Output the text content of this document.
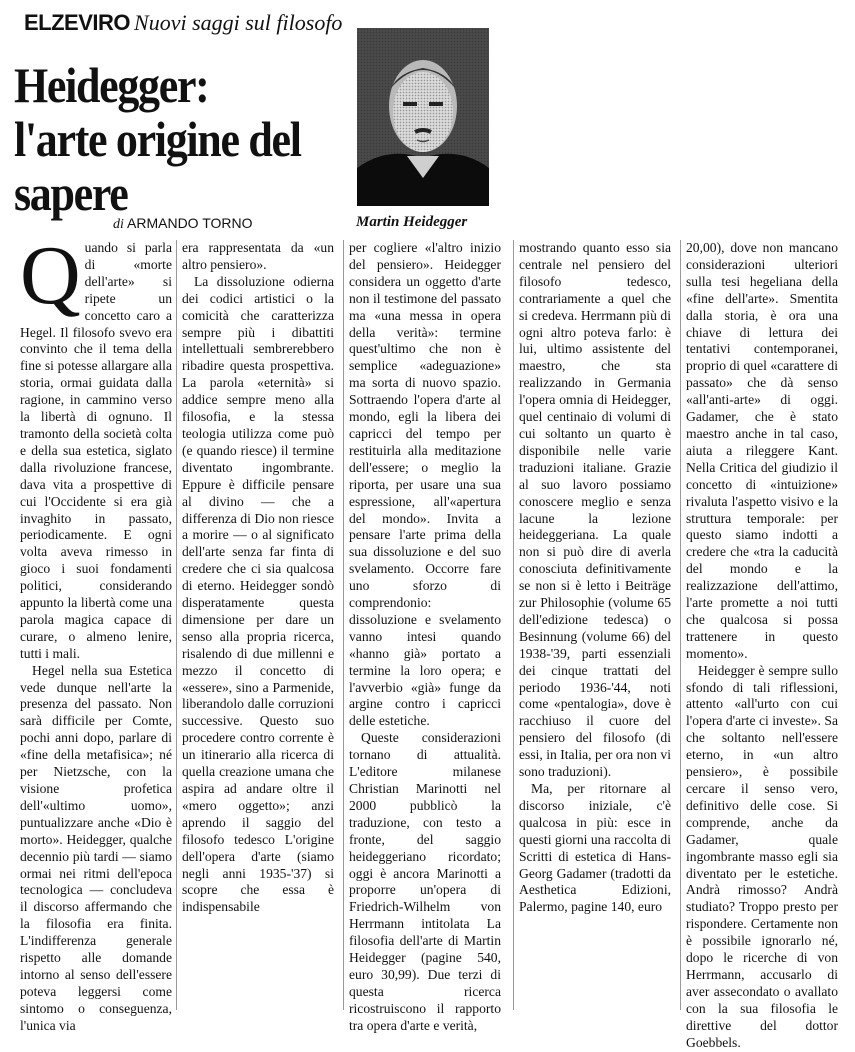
ELZEVIRO Nuovi saggi sul filosofo
Heidegger: l'arte origine del sapere
di ARMANDO TORNO	Martin Heidegger

Quando si parla di «morte dell'arte» si ripete un concetto caro a Hegel. Il filosofo svevo era convinto che il tema della fine si potesse allargare alla storia, ormai guidata dalla ragione, in cammino verso la libertà di ognuno. Il tramonto della società colta e della sua estetica, siglato dalla rivoluzione francese, dava vita a prospettive di cui l'Occidente si era già invaghito in passato, periodicamente. E ogni volta aveva rimesso in gioco i suoi fondamenti politici, considerando appunto la libertà come una parola magica capace di curare, o almeno lenire, tutti i mali.

Hegel nella sua Estetica vede dunque nell'arte la presenza del passato. Non sarà difficile per Comte, pochi anni dopo, parlare di «fine della metafisica»; né per Nietzsche, con la visione profetica dell'«ultimo uomo», puntualizzare anche «Dio è morto». Heidegger, qualche decennio più tardi — siamo ormai nei ritmi dell'epoca tecnologica — concludeva il discorso affermando che la filosofia era finita. L'indifferenza generale rispetto alle domande intorno al senso dell'essere poteva leggersi come sintomo o conseguenza, l'unica via

era rappresentata da «un altro pensiero».

La dissoluzione odierna dei codici artistici o la comicità che caratterizza sempre più i dibattiti intellettuali sembrerebbero ribadire questa prospettiva. La parola «eternità» si addice sempre meno alla filosofia, e la stessa teologia utilizza come può (e quando riesce) il termine diventato ingombrante. Eppure è difficile pensare al divino — che a differenza di Dio non riesce a morire — o al significato dell'arte senza far finta di credere che ci sia qualcosa di eterno. Heidegger sondò disperatamente questa dimensione per dare un senso alla propria ricerca, risalendo di due millenni e mezzo il concetto di «essere», sino a Parmenide, liberandolo dalle corruzioni successive. Questo suo procedere contro corrente è un itinerario alla ricerca di quella creazione umana che aspira ad andare oltre il «mero oggetto»; anzi aprendo il saggio del filosofo tedesco L'origine dell'opera d'arte (siamo negli anni 1935-'37) si scopre che essa è indispensabile

per cogliere «l'altro inizio del pensiero». Heidegger considera un oggetto d'arte non il testimone del passato ma «una messa in opera della verità»: termine quest'ultimo che non è semplice «adeguazione» ma sorta di nuovo spazio. Sottraendo l'opera d'arte al mondo, egli la libera dei capricci del tempo per restituirla alla meditazione dell'essere; o meglio la riporta, per usare una sua espressione, all'«apertura del mondo». Invita a pensare l'arte prima della sua dissoluzione e del suo svelamento. Occorre fare uno sforzo di comprendonio: dissoluzione e svelamento vanno intesi quando «hanno già» portato a termine la loro opera; e l'avverbio «già» funge da argine contro i capricci delle estetiche.

Queste considerazioni tornano di attualità. L'editore milanese Christian Marinotti nel 2000 pubblicò la traduzione, con testo a fronte, del saggio heideggeriano ricordato; oggi è ancora Marinotti a proporre un'opera di Friedrich-Wilhelm von Herrmann intitolata La filosofia dell'arte di Martin Heidegger (pagine 540, euro 30,99). Due terzi di questa ricerca ricostruiscono il rapporto tra opera d'arte e verità,

mostrando quanto esso sia centrale nel pensiero del filosofo tedesco, contrariamente a quel che si credeva. Herrmann più di ogni altro poteva farlo: è lui, ultimo assistente del maestro, che sta realizzando in Germania l'opera omnia di Heidegger, quel centinaio di volumi di cui soltanto un quarto è disponibile nelle varie traduzioni italiane. Grazie al suo lavoro possiamo conoscere meglio e senza lacune la lezione heideggeriana. La quale non si può dire di averla conosciuta definitivamente se non si è letto i Beiträge zur Philosophie (volume 65 dell'edizione tedesca) o Besinnung (volume 66) del 1938-'39, parti essenziali dei cinque trattati del periodo 1936-'44, noti come «pentalogia», dove è racchiuso il cuore del pensiero del filosofo (di essi, in Italia, per ora non vi sono traduzioni).

Ma, per ritornare al discorso iniziale, c'è qualcosa in più: esce in questi giorni una raccolta di Scritti di estetica di Hans-Georg Gadamer (tradotti da Aesthetica Edizioni, Palermo, pagine 140, euro

20,00), dove non mancano considerazioni ulteriori sulla tesi hegeliana della «fine dell'arte». Smentita dalla storia, è ora una chiave di lettura dei tentativi contemporanei, proprio di quel «carattere di passato» che dà senso «all'anti-arte» di oggi. Gadamer, che è stato maestro anche in tal caso, aiuta a rileggere Kant. Nella Critica del giudizio il concetto di «intuizione» rivaluta l'aspetto visivo e la struttura temporale: per questo siamo indotti a credere che «tra la caducità del mondo e la realizzazione dell'attimo, l'arte promette a noi tutti che qualcosa si possa trattenere in questo momento».

Heidegger è sempre sullo sfondo di tali riflessioni, attento «all'urto con cui l'opera d'arte ci investe». Sa che soltanto nell'essere eterno, in «un altro pensiero», è possibile cercare il senso vero, definitivo delle cose. Si comprende, anche da Gadamer, quale ingombrante masso egli sia diventato per le estetiche. Andrà rimosso? Andrà studiato? Troppo presto per rispondere. Certamente non è possibile ignorarlo né, dopo le ricerche di von Herrmann, accusarlo di aver assecondato o avallato con la sua filosofia le direttive del dottor Goebbels.
